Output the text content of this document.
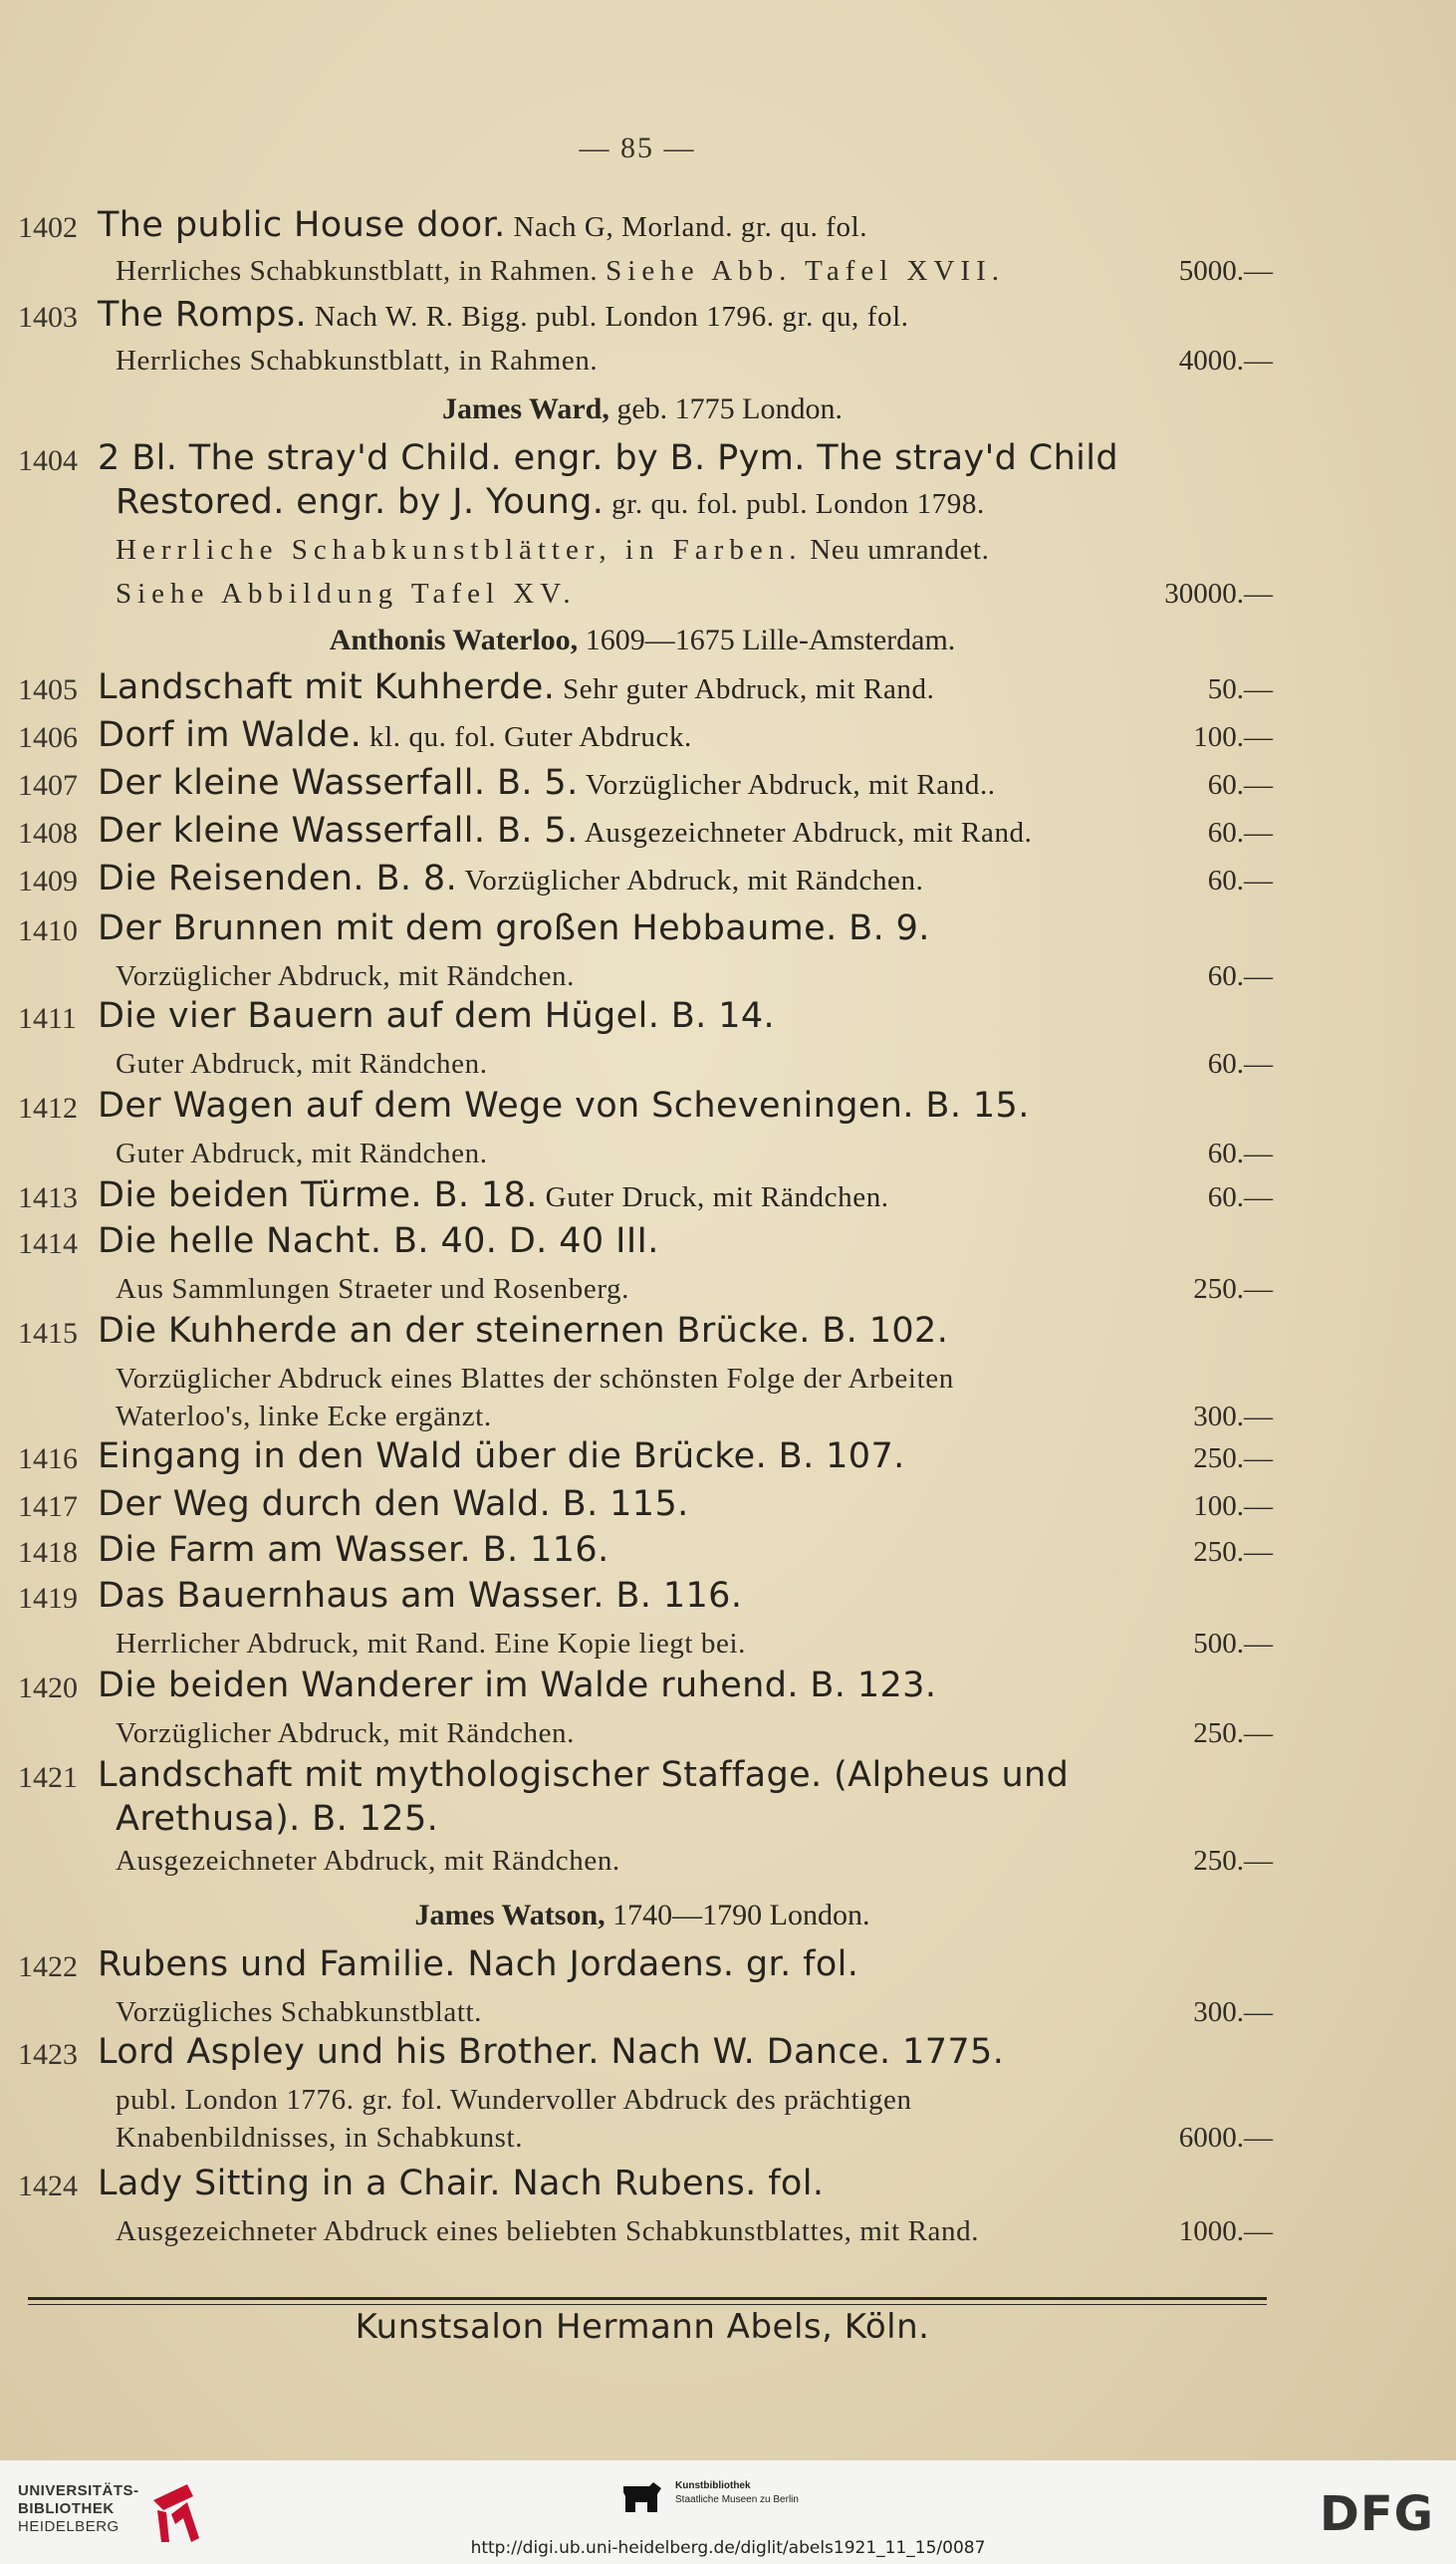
— 85 —
James Ward, geb. 1775 London.
Anthonis Waterloo, 1609—1675 Lille-Amsterdam.
James Watson, 1740—1790 London.
1402 The public House door. Nach G, Morland. gr. qu. fol.
Herrliches Schabkunstblatt, in Rahmen. Siehe Abb. Tafel XVII.	5000.—
1403 The Romps. Nach W. R. Bigg. publ. London 1796. gr. qu, fol.
Herrliches Schabkunstblatt, in Rahmen.	4000.—
1404 2 Bl. The stray'd Child. engr. by B. Pym. The stray'd Child
Restored. engr. by J. Young. gr. qu. fol. publ. London 1798.
Herrliche Schabkunstblätter, in Farben. Neu umrandet.
Siehe Abbildung Tafel XV.	30000.—
1405 Landschaft mit Kuhherde. Sehr guter Abdruck, mit Rand.	50.—
1406 Dorf im Walde. kl. qu. fol. Guter Abdruck.	100.—
1407 Der kleine Wasserfall. B. 5. Vorzüglicher Abdruck, mit Rand..	60.—
1408 Der kleine Wasserfall. B. 5. Ausgezeichneter Abdruck, mit Rand.	60.—
1409 Die Reisenden. B. 8. Vorzüglicher Abdruck, mit Rändchen.	60.—
1410 Der Brunnen mit dem großen Hebbaume. B. 9.
Vorzüglicher Abdruck, mit Rändchen.	60.—
1411 Die vier Bauern auf dem Hügel. B. 14.
Guter Abdruck, mit Rändchen.	60.—
1412 Der Wagen auf dem Wege von Scheveningen. B. 15.
Guter Abdruck, mit Rändchen.	60.—
1413 Die beiden Türme. B. 18. Guter Druck, mit Rändchen.	60.—
1414 Die helle Nacht. B. 40. D. 40 III.
Aus Sammlungen Straeter und Rosenberg.	250.—
1415 Die Kuhherde an der steinernen Brücke. B. 102.
Vorzüglicher Abdruck eines Blattes der schönsten Folge der Arbeiten
Waterloo's, linke Ecke ergänzt.	300.—
1416 Eingang in den Wald über die Brücke. B. 107.	250.—
1417 Der Weg durch den Wald. B. 115.	100.—
1418 Die Farm am Wasser. B. 116.	250.—
1419 Das Bauernhaus am Wasser. B. 116.
Herrlicher Abdruck, mit Rand. Eine Kopie liegt bei.	500.—
1420 Die beiden Wanderer im Walde ruhend. B. 123.
Vorzüglicher Abdruck, mit Rändchen.	250.—
1421 Landschaft mit mythologischer Staffage. (Alpheus und
Arethusa). B. 125.
Ausgezeichneter Abdruck, mit Rändchen.	250.—
1422 Rubens und Familie. Nach Jordaens. gr. fol.
Vorzügliches Schabkunstblatt.	300.—
1423 Lord Aspley und his Brother. Nach W. Dance. 1775.
publ. London 1776. gr. fol. Wundervoller Abdruck des prächtigen
Knabenbildnisses, in Schabkunst.	6000.—
1424 Lady Sitting in a Chair. Nach Rubens. fol.
Ausgezeichneter Abdruck eines beliebten Schabkunstblattes, mit Rand.	1000.—
Kunstsalon Hermann Abels, Köln.
UNIVERSITÄTS-
BIBLIOTHEK
HEIDELBERG
Kunstbibliothek
Staatliche Museen zu Berlin	DFG
http://digi.ub.uni-heidelberg.de/diglit/abels1921_11_15/0087
